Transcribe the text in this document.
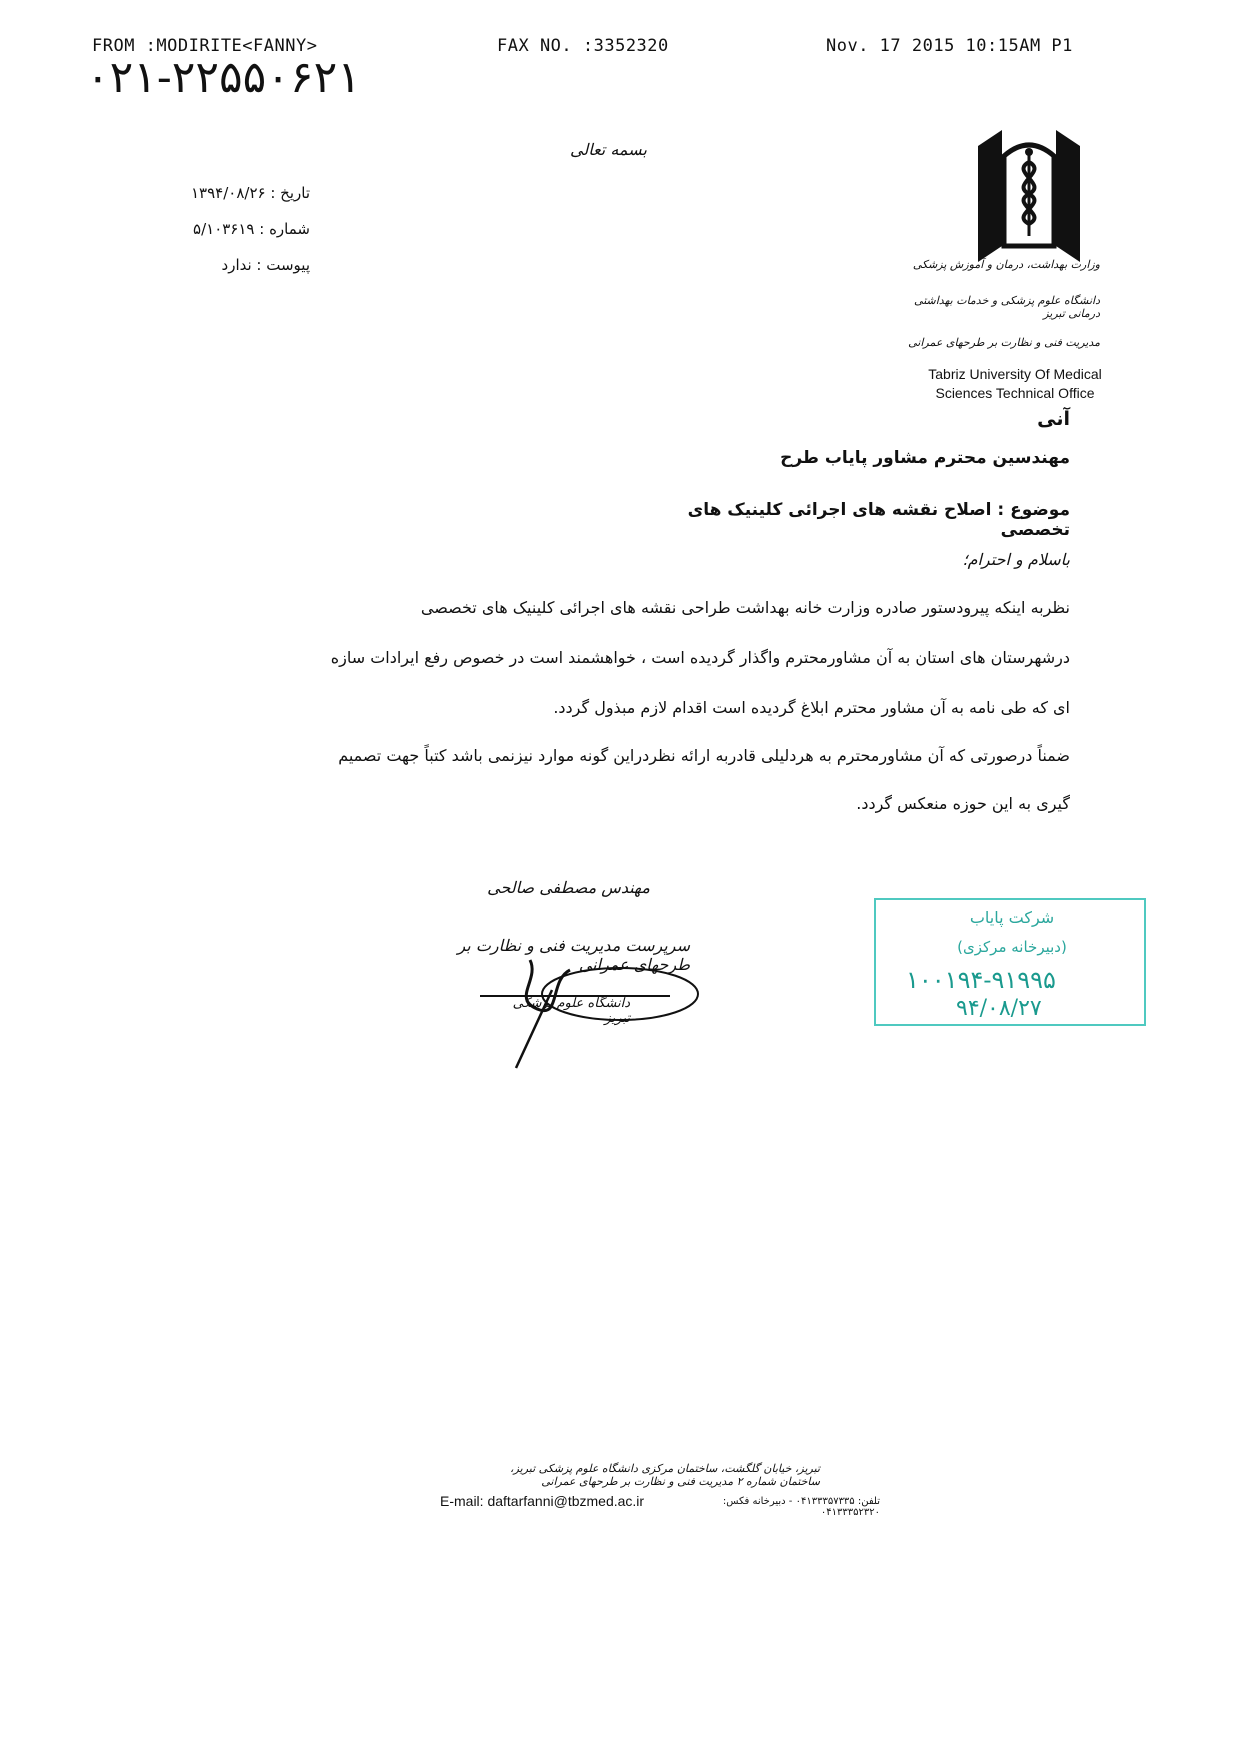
FROM :MODIRITE<FANNY>	FAX NO. :3352320	Nov. 17 2015 10:15AM P1
۰۲۱-۲۲۵۵۰۶۲۱
بسمه تعالی
تاریخ : ۱۳۹۴/۰۸/۲۶
شماره : ۵/۱۰۳۶۱۹
پیوست : ندارد	وزارت بهداشت، درمان و آموزش پزشکی
دانشگاه علوم پزشکی و خدمات بهداشتی درمانی تبریز
مدیریت فنی و نظارت بر طرحهای عمرانی
Tabriz University Of Medical
Sciences Technical Office
آنی
مهندسین محترم مشاور پایاب طرح
موضوع : اصلاح نقشه های اجرائی کلینیک های تخصصی
باسلام و احترام؛
نظربه اینکه پیرودستور صادره وزارت خانه بهداشت طراحی نقشه های اجرائی کلینیک های تخصصی
درشهرستان های استان به آن مشاورمحترم واگذار گردیده است ، خواهشمند است در خصوص رفع ایرادات سازه
ای که طی نامه به آن مشاور محترم ابلاغ گردیده است اقدام لازم مبذول گردد.
ضمناً درصورتی که آن مشاورمحترم به هردلیلی قادربه ارائه نظردراین گونه موارد نیزنمی باشد کتباً جهت تصمیم
گیری به این حوزه منعکس گردد.
مهندس مصطفی صالحی
سرپرست مدیریت فنی و نظارت بر طرحهای عمرانی
دانشگاه علوم پزشکی تبریز
شرکت پایاب
(دبیرخانه مرکزی)
۱۰۰۱۹۴-۹۱۹۹۵
۹۴/۰۸/۲۷
تبریز، خیابان گلگشت، ساختمان مرکزی دانشگاه علوم پزشکی تبریز، ساختمان شماره ۲ مدیریت فنی و نظارت بر طرحهای عمرانی
E-mail: daftarfanni@tbzmed.ac.ir	تلفن: ۰۴۱۳۳۳۵۷۳۳۵ - دبیرخانه فکس: ۰۴۱۳۳۳۵۲۳۲۰
